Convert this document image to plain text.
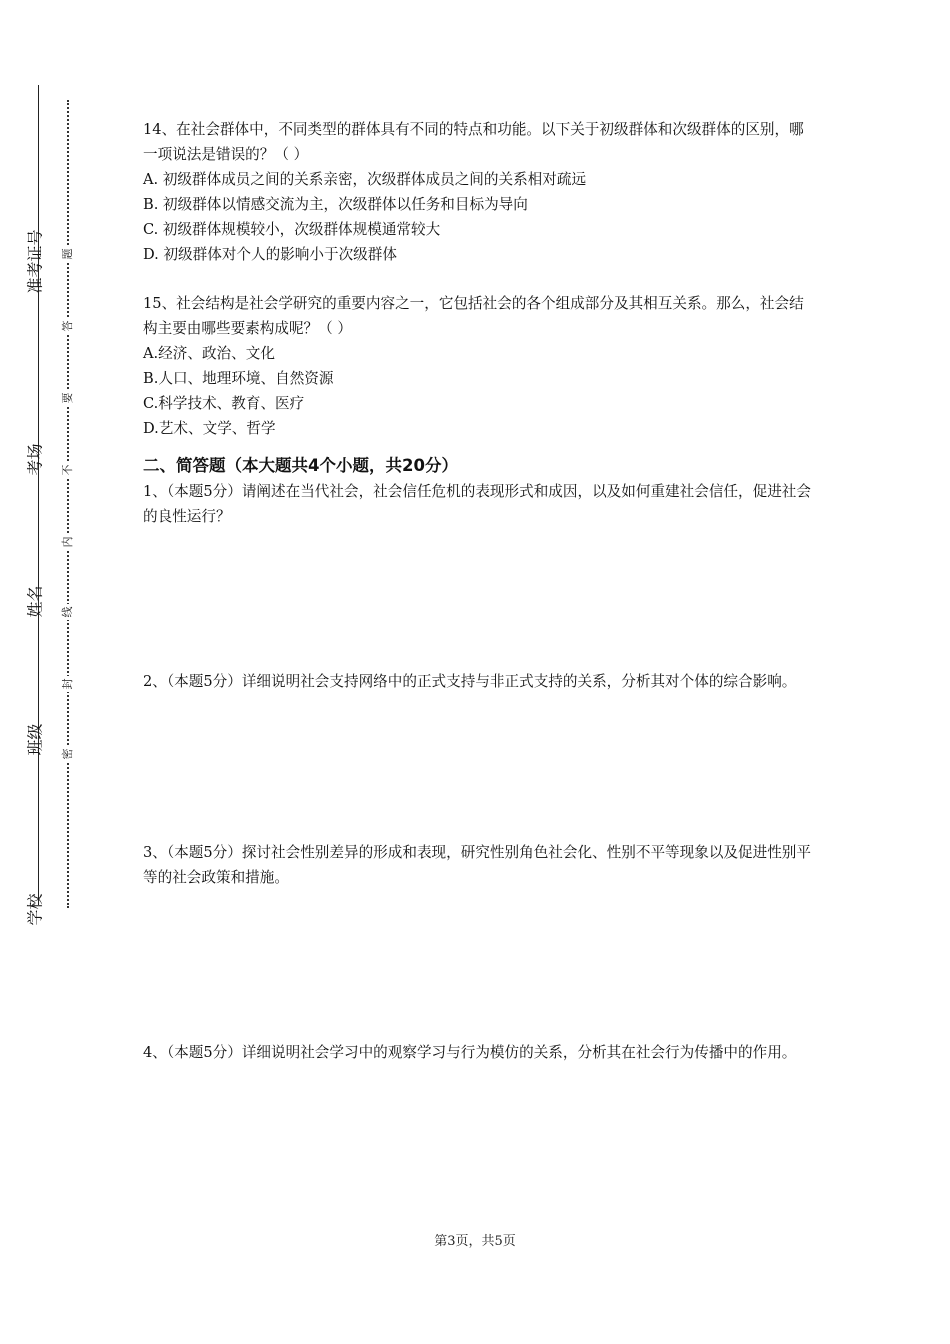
准考证号
考场
姓名
班级
学校
题
答
要
不
内
线
封
密

14、在社会群体中，不同类型的群体具有不同的特点和功能。以下关于初级群体和次级群体的区别，哪一项说法是错误的？（ ）

A. 初级群体成员之间的关系亲密，次级群体成员之间的关系相对疏远

B. 初级群体以情感交流为主，次级群体以任务和目标为导向

C. 初级群体规模较小，次级群体规模通常较大

D. 初级群体对个人的影响小于次级群体

15、社会结构是社会学研究的重要内容之一，它包括社会的各个组成部分及其相互关系。那么，社会结构主要由哪些要素构成呢？（ ）

A.经济、政治、文化

B.人口、地理环境、自然资源

C.科学技术、教育、医疗

D.艺术、文学、哲学

二、简答题（本大题共4个小题，共20分）

1、（本题5分）请阐述在当代社会，社会信任危机的表现形式和成因，以及如何重建社会信任，促进社会的良性运行？

2、（本题5分）详细说明社会支持网络中的正式支持与非正式支持的关系，分析其对个体的综合影响。

3、（本题5分）探讨社会性别差异的形成和表现，研究性别角色社会化、性别不平等现象以及促进性别平等的社会政策和措施。

4、（本题5分）详细说明社会学习中的观察学习与行为模仿的关系，分析其在社会行为传播中的作用。

第3页，共5页
